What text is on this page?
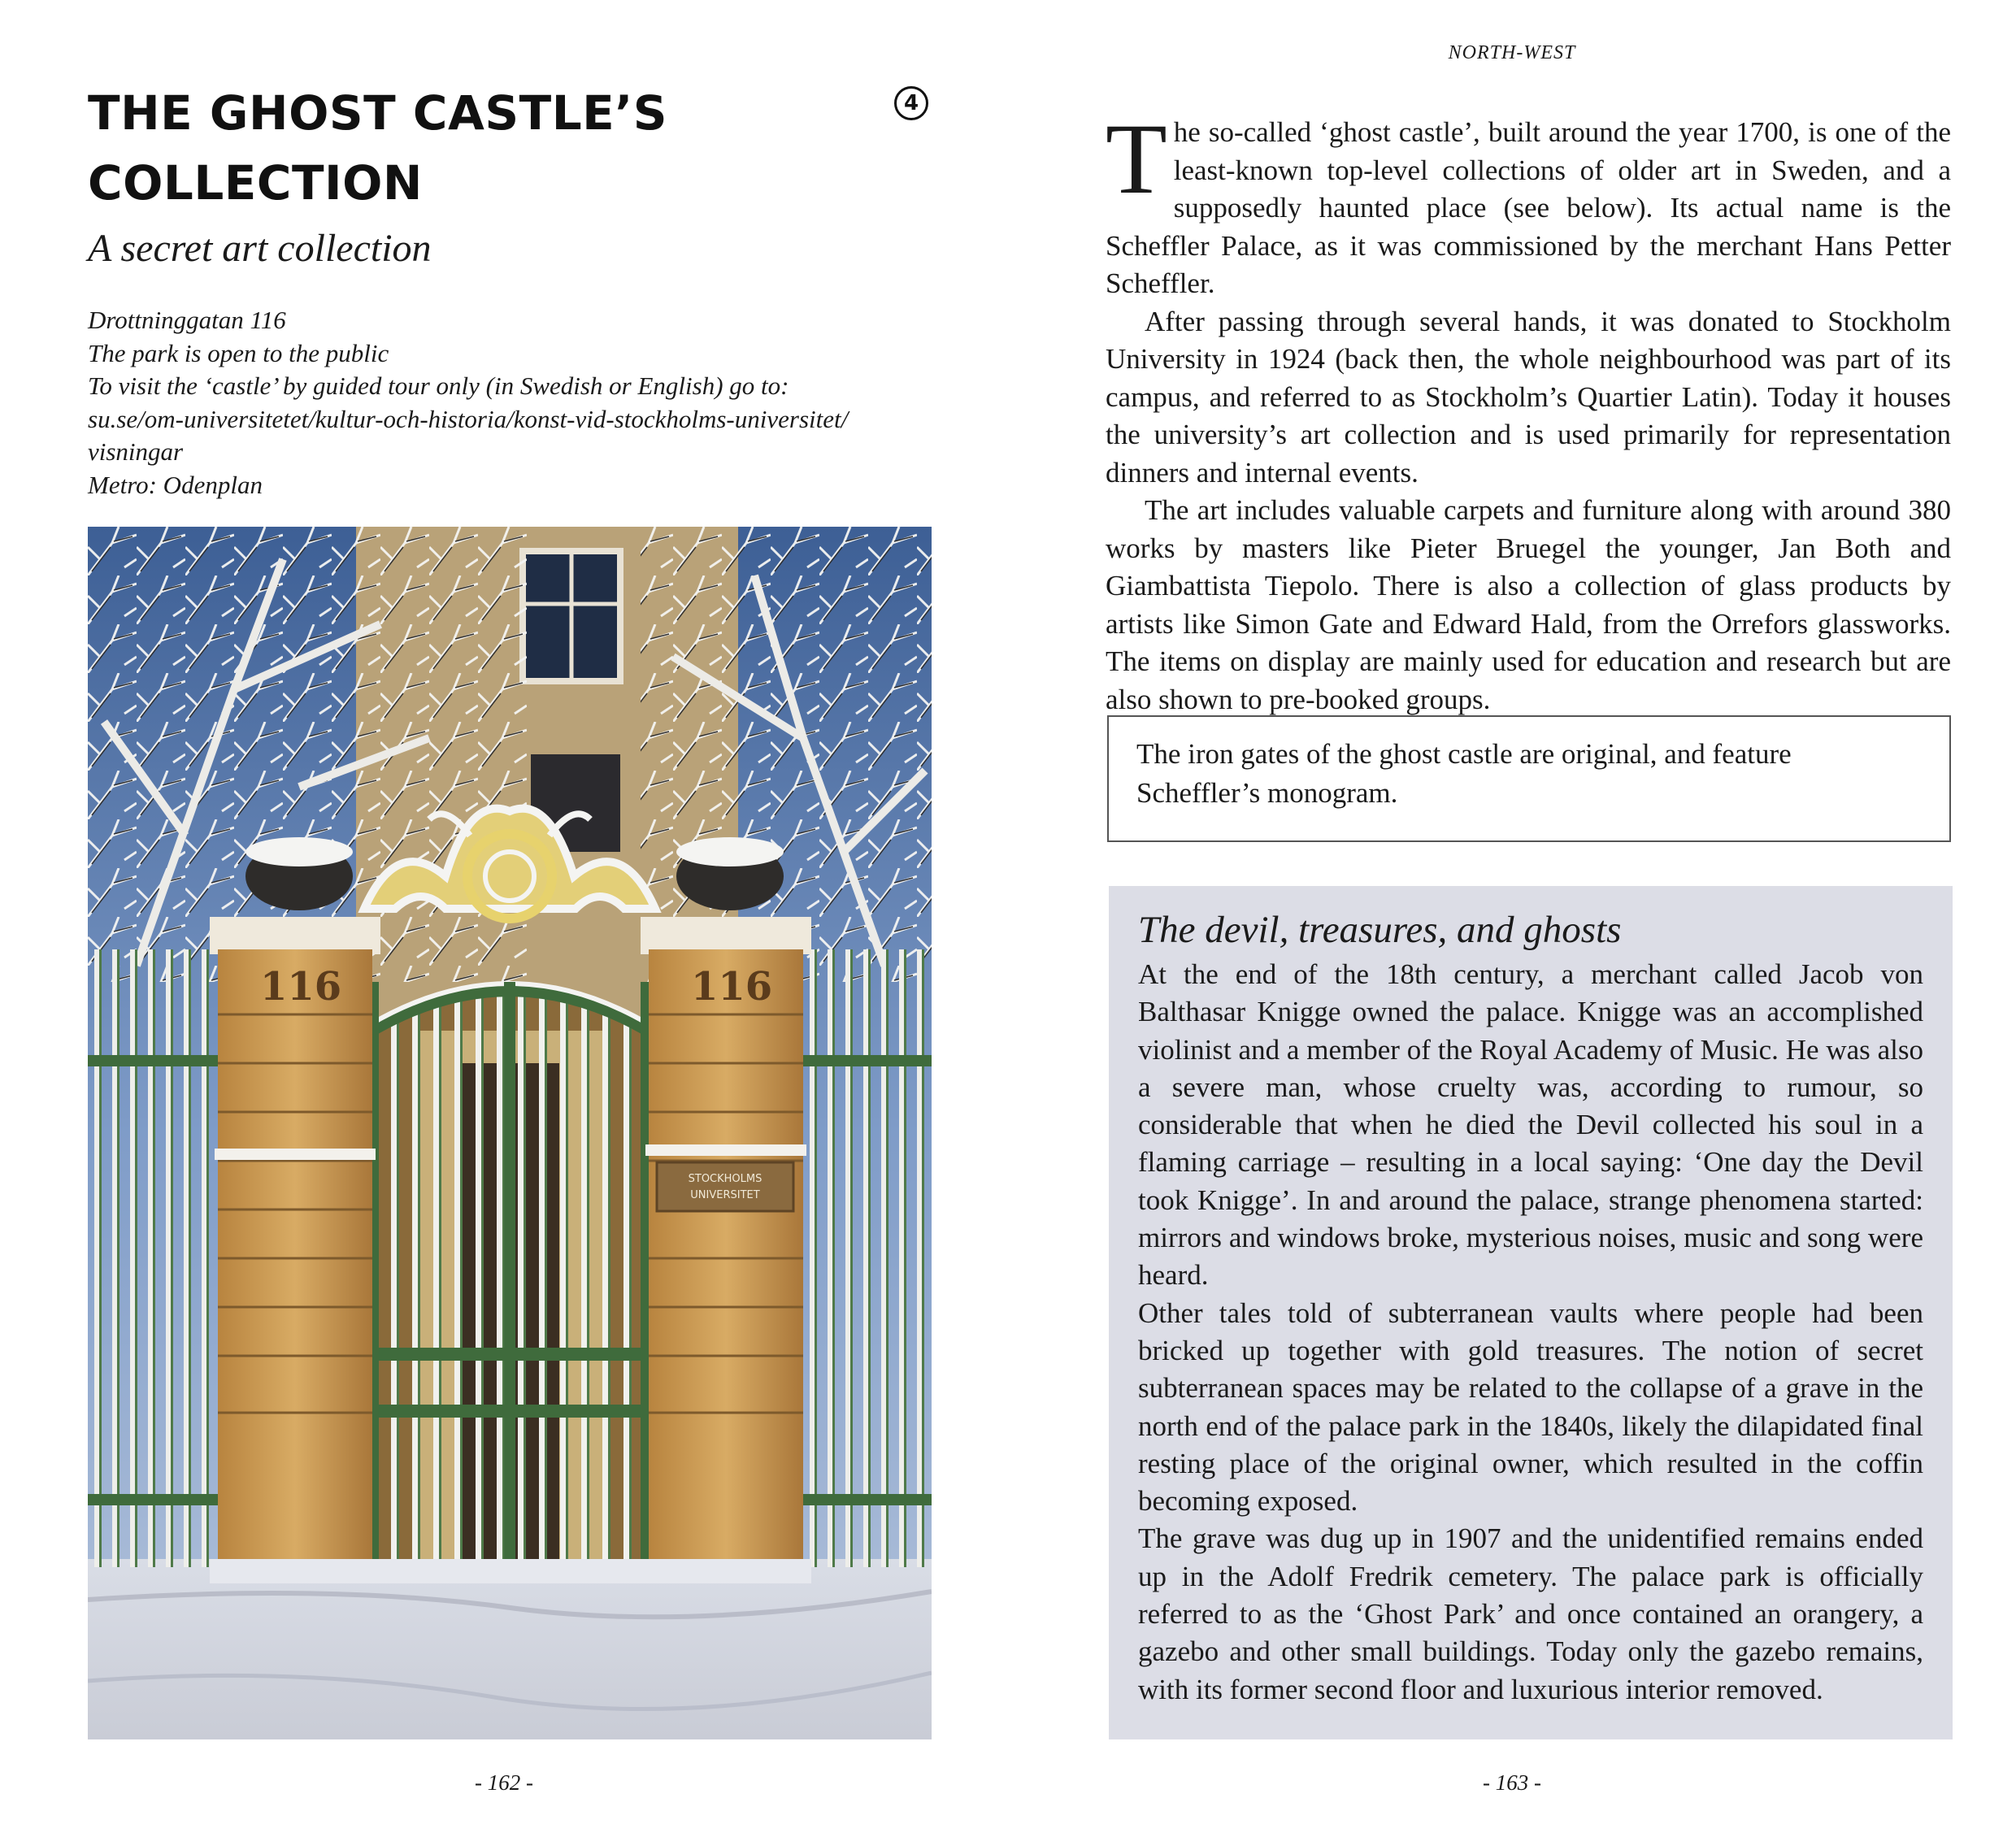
THE GHOST CASTLE’S
COLLECTION
4
A secret art collection
Drottninggatan 116
The park is open to the public
To visit the ‘castle’ by guided tour only (in Swedish or English) go to:
su.se/om-universitetet/kultur-och-historia/konst-vid-stockholms-universitet/
visningar
Metro: Odenplan
116	116
STOCKHOLMS
UNIVERSITET
- 162 -
NORTH-WEST

The so-called ‘ghost castle’, built around the year 1700, is one of the least-known top-level collections of older art in Sweden, and a supposedly haunted place (see below). Its actual name is the Scheffler Palace, as it was commissioned by the merchant Hans Petter Scheffler.

After passing through several hands, it was donated to Stockholm University in 1924 (back then, the whole neighbourhood was part of its campus, and referred to as Stockholm’s Quartier Latin). Today it houses the university’s art collection and is used primarily for representation dinners and internal events.

The art includes valuable carpets and furniture along with around 380 works by masters like Pieter Bruegel the younger, Jan Both and Giambattista Tiepolo. There is also a collection of glass products by artists like Simon Gate and Edward Hald, from the Orrefors glassworks. The items on display are mainly used for education and research but are also shown to pre-booked groups.

The iron gates of the ghost castle are original, and feature Scheffler’s monogram.
The devil, treasures, and ghosts

At the end of the 18th century, a merchant called Jacob von Balthasar Knigge owned the palace. Knigge was an accomplished violinist and a member of the Royal Academy of Music. He was also a severe man, whose cruelty was, according to rumour, so considerable that when he died the Devil collected his soul in a flaming carriage – resulting in a local saying: ‘One day the Devil took Knigge’. In and around the palace, strange phenomena started: mirrors and windows broke, mysterious noises, music and song were heard.

Other tales told of subterranean vaults where people had been bricked up together with gold treasures. The notion of secret subterranean spaces may be related to the collapse of a grave in the north end of the palace park in the 1840s, likely the dilapidated final resting place of the original owner, which resulted in the coffin becoming exposed.

The grave was dug up in 1907 and the unidentified remains ended up in the Adolf Fredrik cemetery. The palace park is officially referred to as the ‘Ghost Park’ and once contained an orangery, a gazebo and other small buildings. Today only the gazebo remains, with its former second floor and luxurious interior removed.

- 163 -
